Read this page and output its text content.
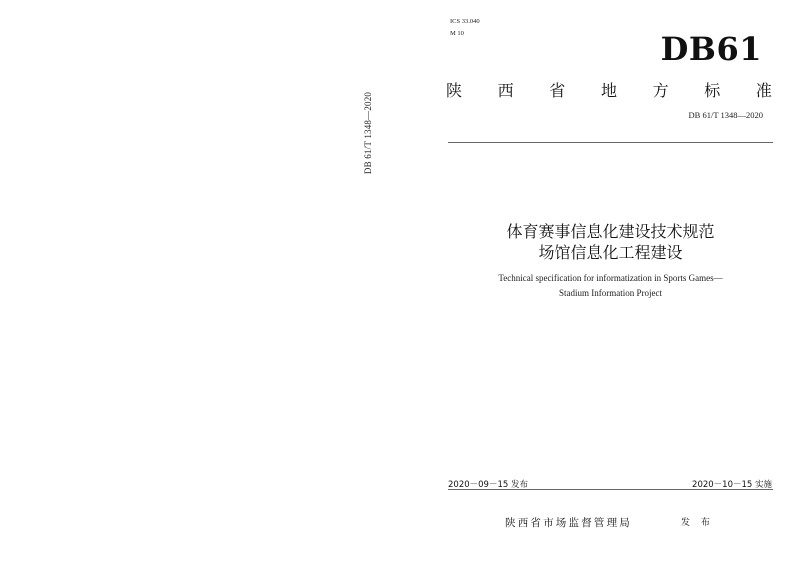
DB 61/T 1348—2020
ICS 33.040
M 10	DB61
陕 西 省 地 方 标 准
DB 61/T 1348—2020
体育赛事信息化建设技术规范
场馆信息化工程建设
Technical specification for informatization in Sports Games—
Stadium Information Project
2020－09－15 发布	2020－10－15 实施
陕西省市场监督管理局	发 布
